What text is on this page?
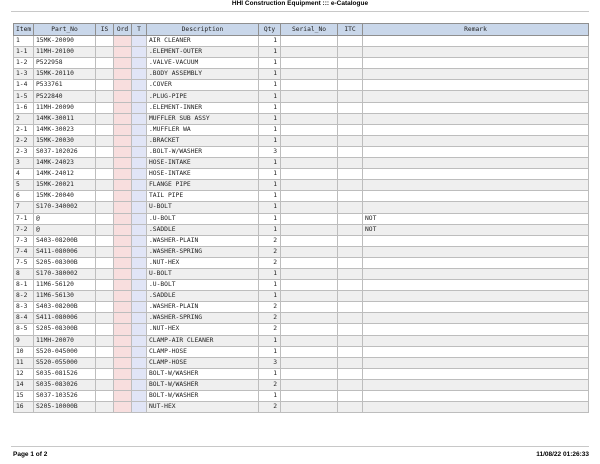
HHI Construction Equipment ::: e-Catalogue
Item	Part_No	IS	Ord	T	Description	Qty	Serial_No	ITC	Remark
1	15MK-20090				AIR CLEANER	1			
1-1	11MH-20100				.ELEMENT-OUTER	1			
1-2	P522958				.VALVE-VACUUM	1			
1-3	15MK-20110				.BODY ASSEMBLY	1			
1-4	P533761				.COVER	1			
1-5	P522840				.PLUG-PIPE	1			
1-6	11MH-20090				.ELEMENT-INNER	1			
2	14MK-30011				MUFFLER SUB ASSY	1			
2-1	14MK-30023				.MUFFLER WA	1			
2-2	15MK-20030				.BRACKET	1			
2-3	S037-102026				.BOLT-W/WASHER	3			
3	14MK-24023				HOSE-INTAKE	1			
4	14MK-24012				HOSE-INTAKE	1			
5	15MK-20021				FLANGE PIPE	1			
6	15MK-20040				TAIL PIPE	1			
7	S170-340002				U-BOLT	1			
7-1	@				.U-BOLT	1			NOT
7-2	@				.SADDLE	1			NOT
7-3	S403-08200B				.WASHER-PLAIN	2			
7-4	S411-080006				.WASHER-SPRING	2			
7-5	S205-08300B				.NUT-HEX	2			
8	S170-380002				U-BOLT	1			
8-1	11M6-56120				.U-BOLT	1			
8-2	11M6-56130				.SADDLE	1			
8-3	S403-08200B				.WASHER-PLAIN	2			
8-4	S411-080006				.WASHER-SPRING	2			
8-5	S205-08300B				.NUT-HEX	2			
9	11MH-20070				CLAMP-AIR CLEANER	1			
10	S520-045000				CLAMP-HOSE	1			
11	S520-055000				CLAMP-HOSE	3			
12	S035-081526				BOLT-W/WASHER	1			
14	S035-083026				BOLT-W/WASHER	2			
15	S037-103526				BOLT-W/WASHER	1			
16	S205-10000B				NUT-HEX	2			
Page 1 of 2	11/08/22 01:26:33
